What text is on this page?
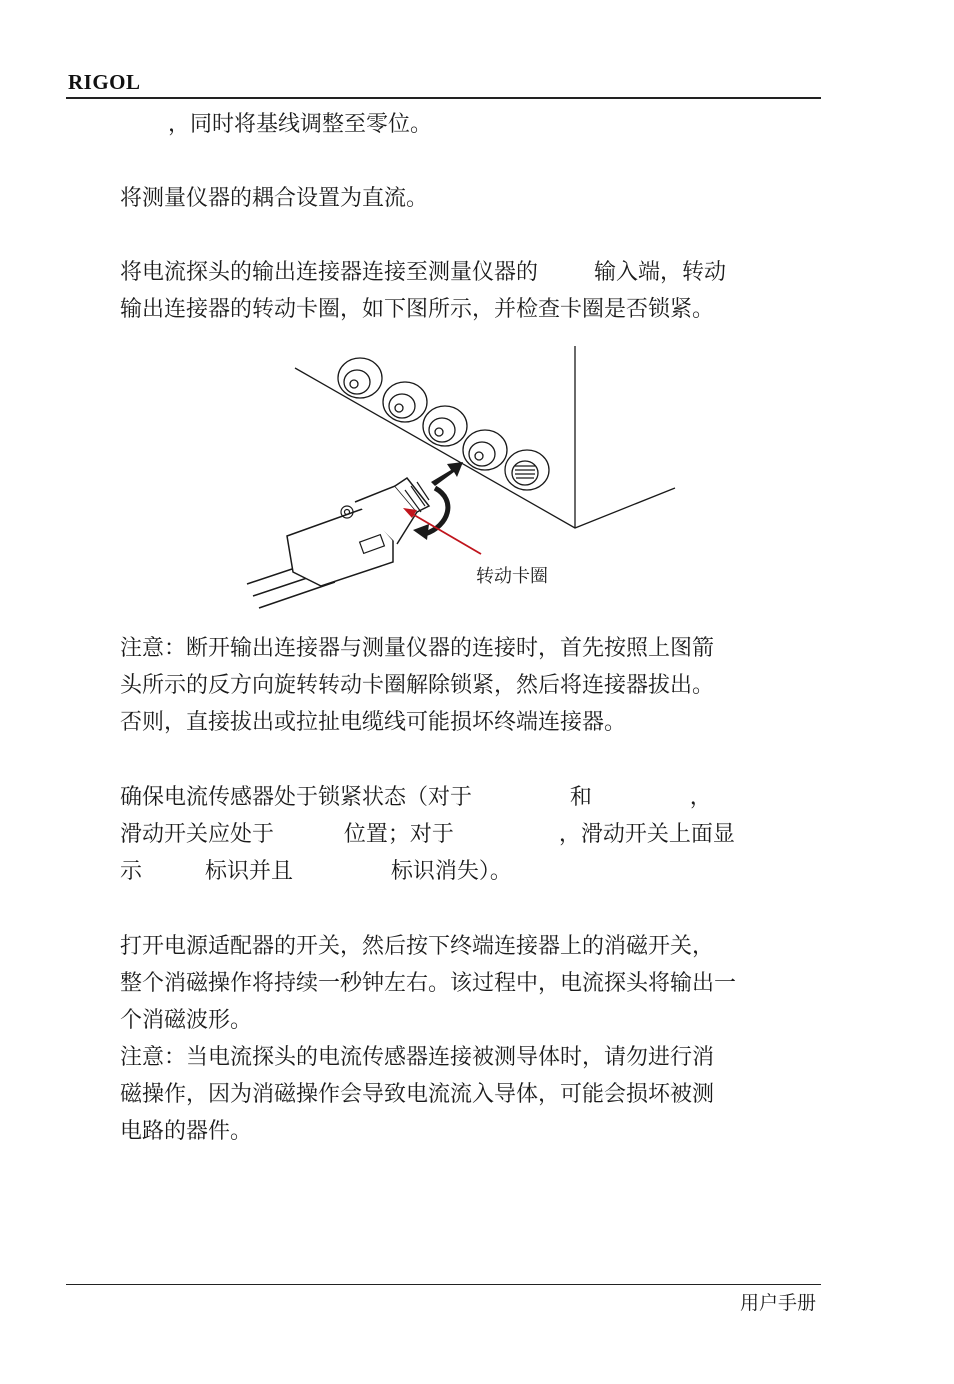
RIGOL
，同时将基线调整至零位。
将测量仪器的耦合设置为直流。
将电流探头的输出连接器连接至测量仪器的        输入端，转动
输出连接器的转动卡圈，如下图所示，并检查卡圈是否锁紧。
转动卡圈
注意：断开输出连接器与测量仪器的连接时，首先按照上图箭
头所示的反方向旋转转动卡圈解除锁紧，然后将连接器拔出。
否则，直接拔出或拉扯电缆线可能损坏终端连接器。
确保电流传感器处于锁紧状态（对于              和              ，
滑动开关应处于          位置；对于               ，滑动开关上面显
示         标识并且              标识消失）。
打开电源适配器的开关，然后按下终端连接器上的消磁开关，
整个消磁操作将持续一秒钟左右。该过程中，电流探头将输出一
个消磁波形。
注意：当电流探头的电流传感器连接被测导体时，请勿进行消
磁操作，因为消磁操作会导致电流流入导体，可能会损坏被测
电路的器件。
用户手册
